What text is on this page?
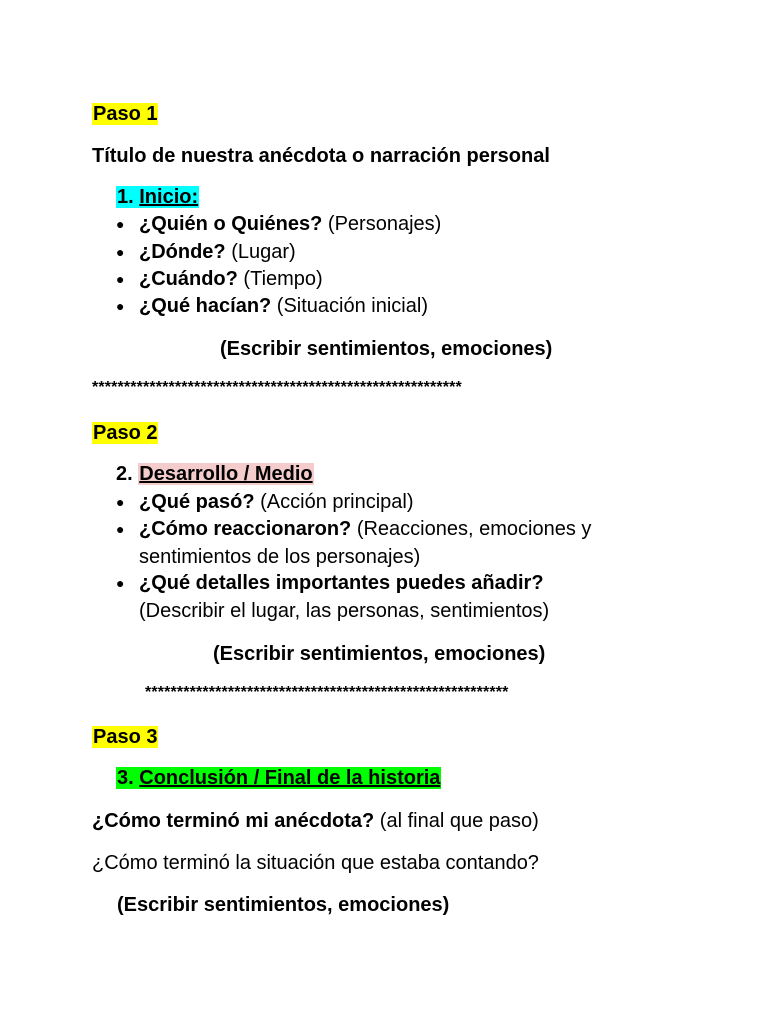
Paso 1
Título de nuestra anécdota o narración personal
1. Inicio:
● ¿Quién o Quiénes? (Personajes)
● ¿Dónde? (Lugar)
● ¿Cuándo? (Tiempo)
● ¿Qué hacían? (Situación inicial)
(Escribir sentimientos, emociones)
**********************************************************
Paso 2
2. Desarrollo / Medio
● ¿Qué pasó? (Acción principal)
● ¿Cómo reaccionaron? (Reacciones, emociones y
sentimientos de los personajes)
● ¿Qué detalles importantes puedes añadir?
(Describir el lugar, las personas, sentimientos)
(Escribir sentimientos, emociones)
*********************************************************
Paso 3
3. Conclusión / Final de la historia
¿Cómo terminó mi anécdota? (al final que paso)
¿Cómo terminó la situación que estaba contando?
(Escribir sentimientos, emociones)
